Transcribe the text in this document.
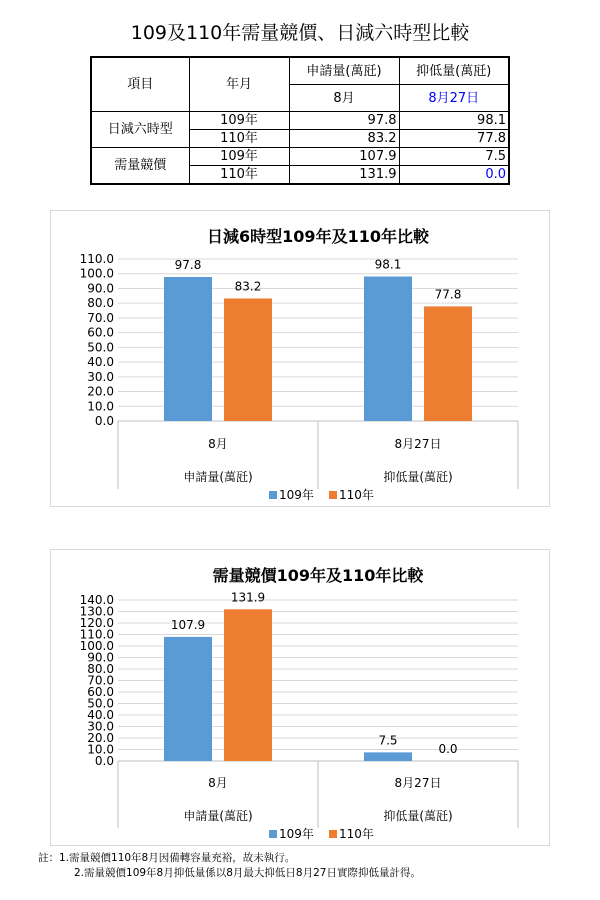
109及110年需量競價、日減六時型比較
項目	年月	申請量(萬瓩)	抑低量(萬瓩)
		8月	8月27日
日減六時型	109年	97.8	98.1
	110年	83.2	77.8
需量競價	109年	107.9	7.5
	110年	131.9	0.0
日減6時型109年及110年比較
0.0
10.0
20.0
30.0
40.0
50.0
60.0
70.0
80.0
90.0
100.0
110.0	97.8
83.2
8月
申請量(萬瓩)
98.1
77.8
8月27日
抑低量(萬瓩)
109年 110年
需量競價109年及110年比較
0.0
10.0
20.0
30.0
40.0
50.0
60.0
70.0
80.0
90.0
100.0
110.0
120.0
130.0
140.0
107.9
131.9
8月
申請量(萬瓩)
7.5
0.0
8月27日
抑低量(萬瓩)
109年 110年
註：1.需量競價110年8月因備轉容量充裕，故未執行。
2.需量競價109年8月抑低量係以8月最大抑低日8月27日實際抑低量計得。
